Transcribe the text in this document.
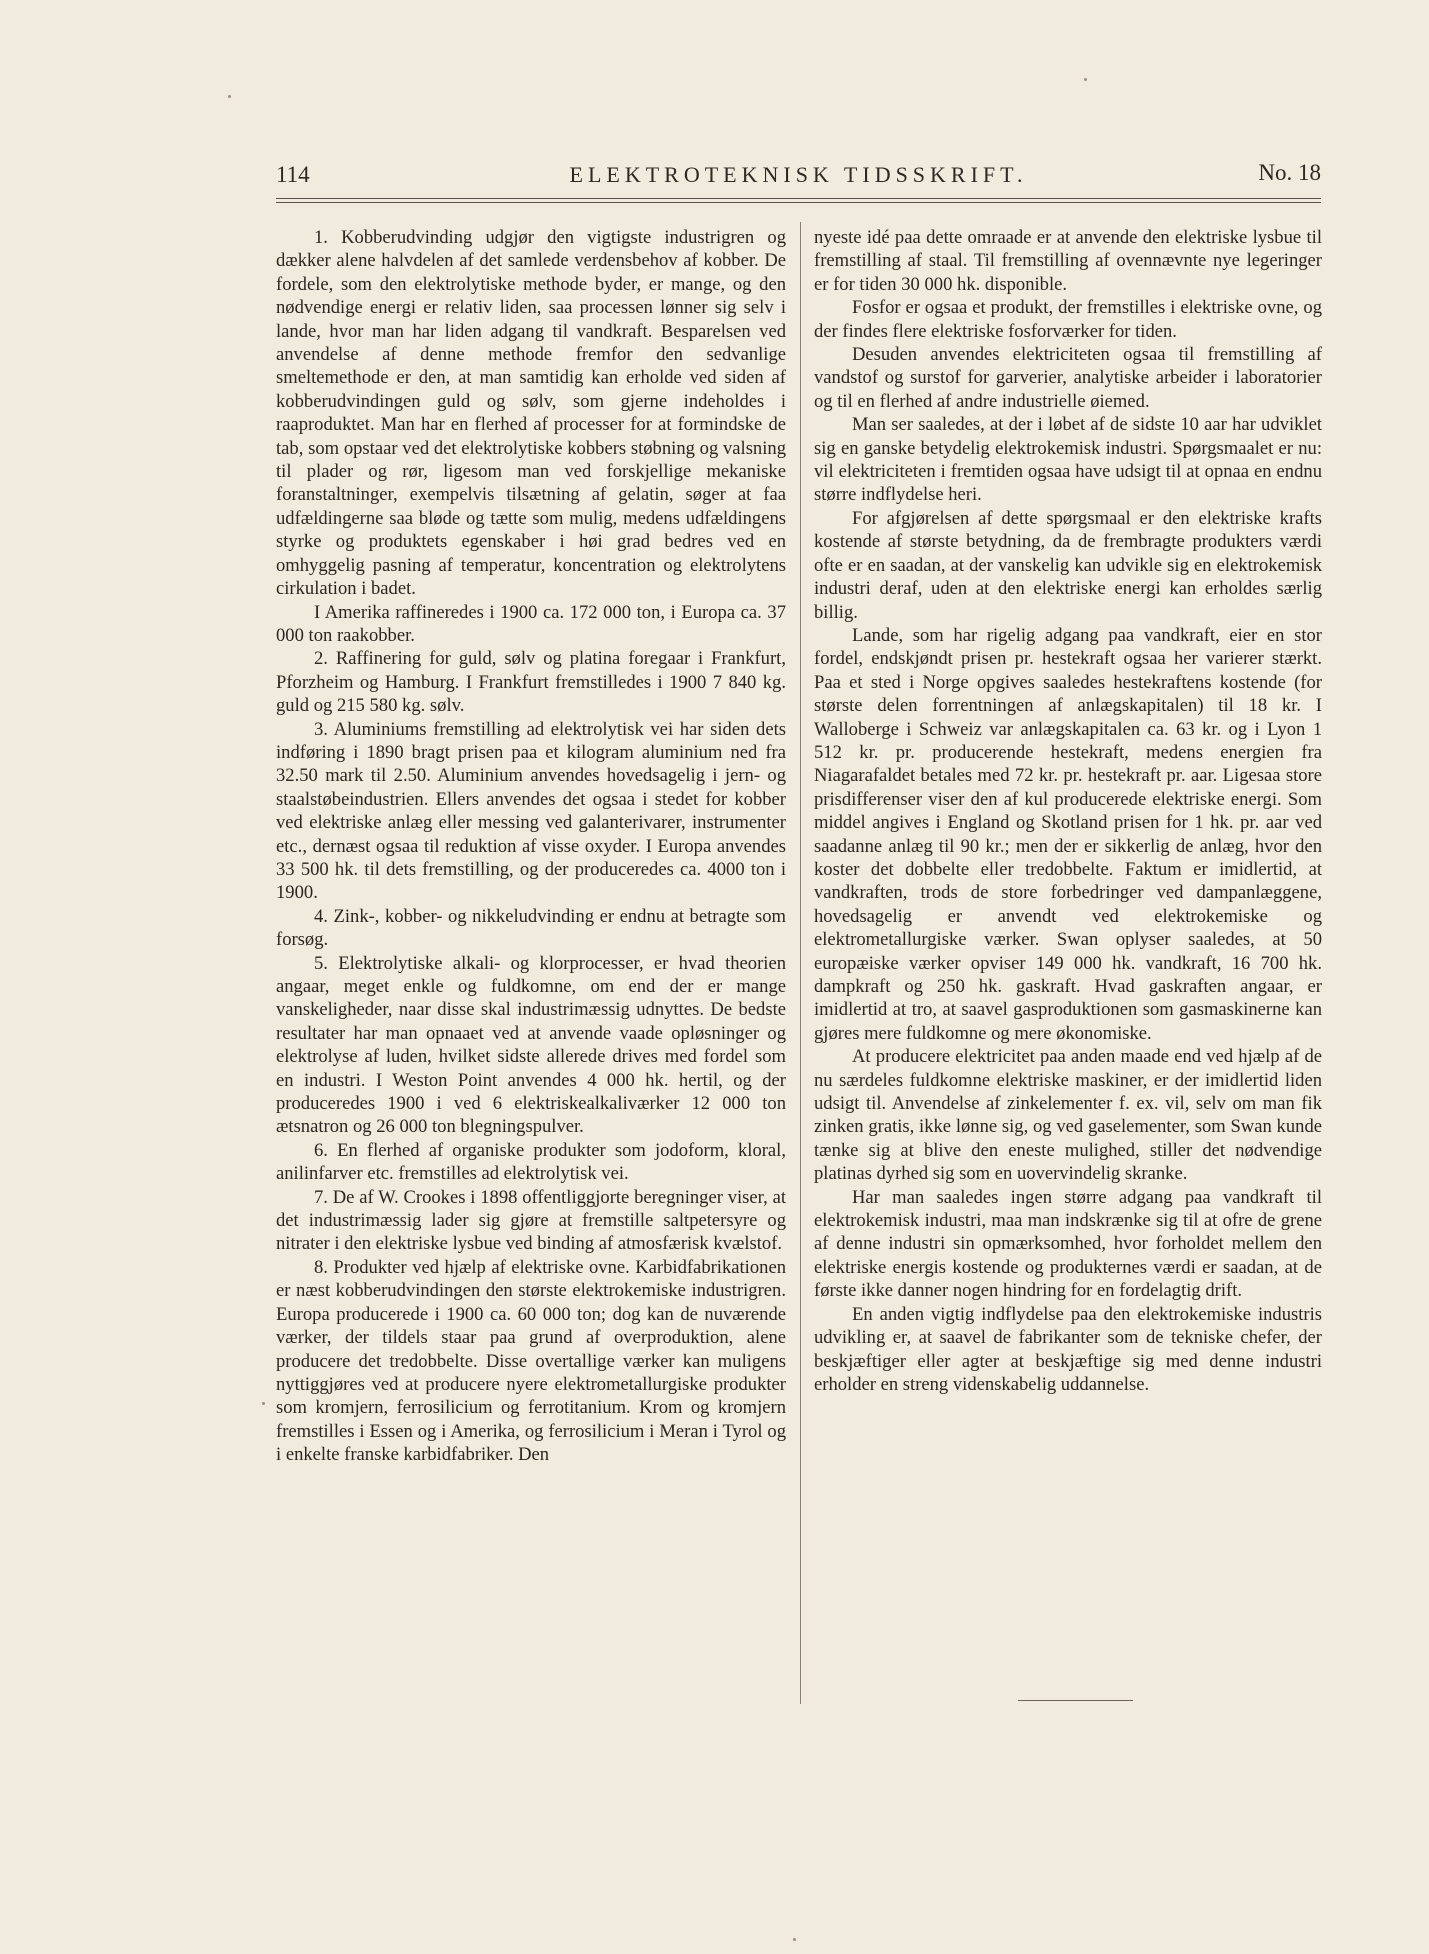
114	ELEKTROTEKNISK TIDSSKRIFT.	No. 18

1. Kobberudvinding udgjør den vigtigste industrigren og dækker alene halvdelen af det samlede verdensbehov af kobber. De fordele, som den elektrolytiske methode byder, er mange, og den nødvendige energi er relativ liden, saa processen lønner sig selv i lande, hvor man har liden adgang til vandkraft. Besparelsen ved anvendelse af denne methode fremfor den sedvanlige smeltemethode er den, at man samtidig kan erholde ved siden af kobberudvindingen guld og sølv, som gjerne indeholdes i raaproduktet. Man har en flerhed af processer for at formindske de tab, som opstaar ved det elektrolytiske kobbers støbning og valsning til plader og rør, ligesom man ved forskjellige mekaniske foranstaltninger, exempelvis tilsætning af gelatin, søger at faa udfældingerne saa bløde og tætte som mulig, medens udfældingens styrke og produktets egenskaber i høi grad bedres ved en omhyggelig pasning af temperatur, koncentration og elektrolytens cirkulation i badet.

I Amerika raffineredes i 1900 ca. 172 000 ton, i Europa ca. 37 000 ton raakobber.

2. Raffinering for guld, sølv og platina foregaar i Frankfurt, Pforzheim og Hamburg. I Frankfurt fremstilledes i 1900 7 840 kg. guld og 215 580 kg. sølv.

3. Aluminiums fremstilling ad elektrolytisk vei har siden dets indføring i 1890 bragt prisen paa et kilogram aluminium ned fra 32.50 mark til 2.50. Aluminium anvendes hovedsagelig i jern- og staalstøbeindustrien. Ellers anvendes det ogsaa i stedet for kobber ved elektriske anlæg eller messing ved galanterivarer, instrumenter etc., dernæst ogsaa til reduktion af visse oxyder. I Europa anvendes 33 500 hk. til dets fremstilling, og der produceredes ca. 4000 ton i 1900.

4. Zink-, kobber- og nikkeludvinding er endnu at betragte som forsøg.

5. Elektrolytiske alkali- og klorprocesser, er hvad theorien angaar, meget enkle og fuldkomne, om end der er mange vanskeligheder, naar disse skal industrimæssig udnyttes. De bedste resultater har man opnaaet ved at anvende vaade opløsninger og elektrolyse af luden, hvilket sidste allerede drives med fordel som en industri. I Weston Point anvendes 4 000 hk. hertil, og der produceredes 1900 i ved 6 elektriskealkaliværker 12 000 ton ætsnatron og 26 000 ton blegningspulver.

6. En flerhed af organiske produkter som jodoform, kloral, anilinfarver etc. fremstilles ad elektrolytisk vei.

7. De af W. Crookes i 1898 offentliggjorte beregninger viser, at det industrimæssig lader sig gjøre at fremstille saltpetersyre og nitrater i den elektriske lysbue ved binding af atmosfærisk kvælstof.

8. Produkter ved hjælp af elektriske ovne. Karbidfabrikationen er næst kobberudvindingen den største elektrokemiske industrigren. Europa producerede i 1900 ca. 60 000 ton; dog kan de nuværende værker, der tildels staar paa grund af overproduktion, alene producere det tredobbelte. Disse overtallige værker kan muligens nyttiggjøres ved at producere nyere elektrometallurgiske produkter som kromjern, ferrosilicium og ferrotitanium. Krom og kromjern fremstilles i Essen og i Amerika, og ferrosilicium i Meran i Tyrol og i enkelte franske karbidfabriker. Den

nyeste idé paa dette omraade er at anvende den elektriske lysbue til fremstilling af staal. Til fremstilling af ovennævnte nye legeringer er for tiden 30 000 hk. disponible.

Fosfor er ogsaa et produkt, der fremstilles i elektriske ovne, og der findes flere elektriske fosforværker for tiden.

Desuden anvendes elektriciteten ogsaa til fremstilling af vandstof og surstof for garverier, analytiske arbeider i laboratorier og til en flerhed af andre industrielle øiemed.

Man ser saaledes, at der i løbet af de sidste 10 aar har udviklet sig en ganske betydelig elektrokemisk industri. Spørgsmaalet er nu: vil elektriciteten i fremtiden ogsaa have udsigt til at opnaa en endnu større indflydelse heri.

For afgjørelsen af dette spørgsmaal er den elektriske krafts kostende af største betydning, da de frembragte produkters værdi ofte er en saadan, at der vanskelig kan udvikle sig en elektrokemisk industri deraf, uden at den elektriske energi kan erholdes særlig billig.

Lande, som har rigelig adgang paa vandkraft, eier en stor fordel, endskjøndt prisen pr. hestekraft ogsaa her varierer stærkt. Paa et sted i Norge opgives saaledes hestekraftens kostende (for største delen forrentningen af anlægskapitalen) til 18 kr. I Walloberge i Schweiz var anlægskapitalen ca. 63 kr. og i Lyon 1 512 kr. pr. producerende hestekraft, medens energien fra Niagarafaldet betales med 72 kr. pr. hestekraft pr. aar. Ligesaa store prisdifferenser viser den af kul producerede elektriske energi. Som middel angives i England og Skotland prisen for 1 hk. pr. aar ved saadanne anlæg til 90 kr.; men der er sikkerlig de anlæg, hvor den koster det dobbelte eller tredobbelte. Faktum er imidlertid, at vandkraften, trods de store forbedringer ved dampanlæggene, hovedsagelig er anvendt ved elektrokemiske og elektrometallurgiske værker. Swan oplyser saaledes, at 50 europæiske værker opviser 149 000 hk. vandkraft, 16 700 hk. dampkraft og 250 hk. gaskraft. Hvad gaskraften angaar, er imidlertid at tro, at saavel gasproduktionen som gasmaskinerne kan gjøres mere fuldkomne og mere økonomiske.

At producere elektricitet paa anden maade end ved hjælp af de nu særdeles fuldkomne elektriske maskiner, er der imidlertid liden udsigt til. Anvendelse af zinkelementer f. ex. vil, selv om man fik zinken gratis, ikke lønne sig, og ved gaselementer, som Swan kunde tænke sig at blive den eneste mulighed, stiller det nødvendige platinas dyrhed sig som en uovervindelig skranke.

Har man saaledes ingen større adgang paa vandkraft til elektrokemisk industri, maa man indskrænke sig til at ofre de grene af denne industri sin opmærksomhed, hvor forholdet mellem den elektriske energis kostende og produkternes værdi er saadan, at de første ikke danner nogen hindring for en fordelagtig drift.

En anden vigtig indflydelse paa den elektrokemiske industris udvikling er, at saavel de fabrikanter som de tekniske chefer, der beskjæftiger eller agter at beskjæftige sig med denne industri erholder en streng videnskabelig uddannelse.
